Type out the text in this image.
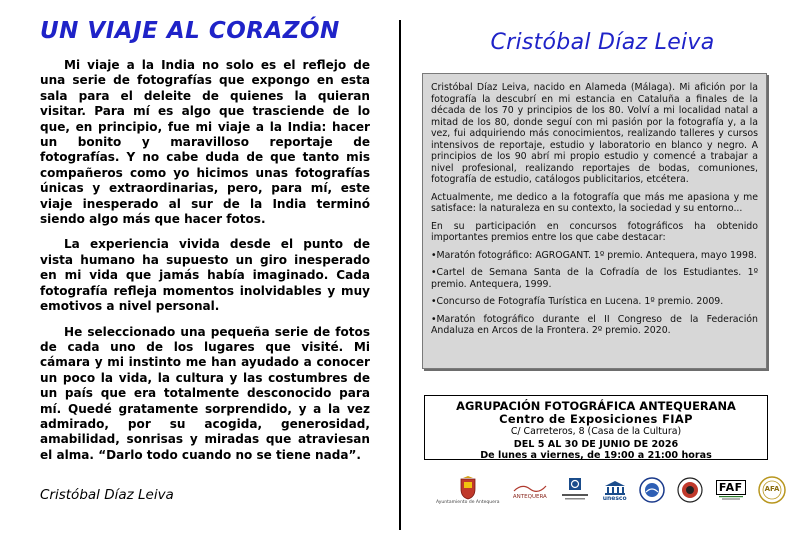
UN VIAJE AL CORAZÓN

Mi viaje a la India no solo es el reflejo de una serie de fotografías que expongo en esta sala para el deleite de quienes la quieran visitar. Para mí es algo que trasciende de lo que, en principio, fue mi viaje a la India: hacer un bonito y maravilloso reportaje de fotografías. Y no cabe duda de que tanto mis compañeros como yo hicimos unas fotografías únicas y extraordinarias, pero, para mí, este viaje inesperado al sur de la India terminó siendo algo más que hacer fotos.

La experiencia vivida desde el punto de vista humano ha supuesto un giro inesperado en mi vida que jamás había imaginado. Cada fotografía refleja momentos inolvidables y muy emotivos a nivel personal.

He seleccionado una pequeña serie de fotos de cada uno de los lugares que visité. Mi cámara y mi instinto me han ayudado a conocer un poco la vida, la cultura y las costumbres de un país que era totalmente desconocido para mí. Quedé gratamente sorprendido, y a la vez admirado, por su acogida, generosidad, amabilidad, sonrisas y miradas que atraviesan el alma. “Darlo todo cuando no se tiene nada”.

Cristóbal Díaz Leiva
Cristóbal Díaz Leiva

Cristóbal Díaz Leiva, nacido en Alameda (Málaga). Mi afición por la fotografía la descubrí en mi estancia en Cataluña a finales de la década de los 70 y principios de los 80. Volví a mi localidad natal a mitad de los 80, donde seguí con mi pasión por la fotografía y, a la vez, fui adquiriendo más conocimientos, realizando talleres y cursos intensivos de reportaje, estudio y laboratorio en blanco y negro. A principios de los 90 abrí mi propio estudio y comencé a trabajar a nivel profesional, realizando reportajes de bodas, comuniones, fotografía de estudio, catálogos publicitarios, etcétera.

Actualmente, me dedico a la fotografía que más me apasiona y me satisface: la naturaleza en su contexto, la sociedad y su entorno...

En su participación en concursos fotográficos ha obtenido importantes premios entre los que cabe destacar:

•Maratón fotográfico: AGROGANT. 1º premio. Antequera, mayo 1998.

•Cartel de Semana Santa de la Cofradía de los Estudiantes. 1º premio. Antequera, 1999.

•Concurso de Fotografía Turística en Lucena. 1º premio. 2009.

•Maratón fotográfico durante el II Congreso de la Federación Andaluza en Arcos de la Frontera. 2º premio. 2020.

AGRUPACIÓN FOTOGRÁFICA ANTEQUERANA
Centro de Exposiciones FIAP
C/ Carreteros, 8 (Casa de la Cultura)
DEL 5 AL 30 DE JUNIO DE 2026
De lunes a viernes, de 19:00 a 21:00 horas
Ayuntamiento de Antequera
ANTEQUERA	unesco
FAF	AFA
